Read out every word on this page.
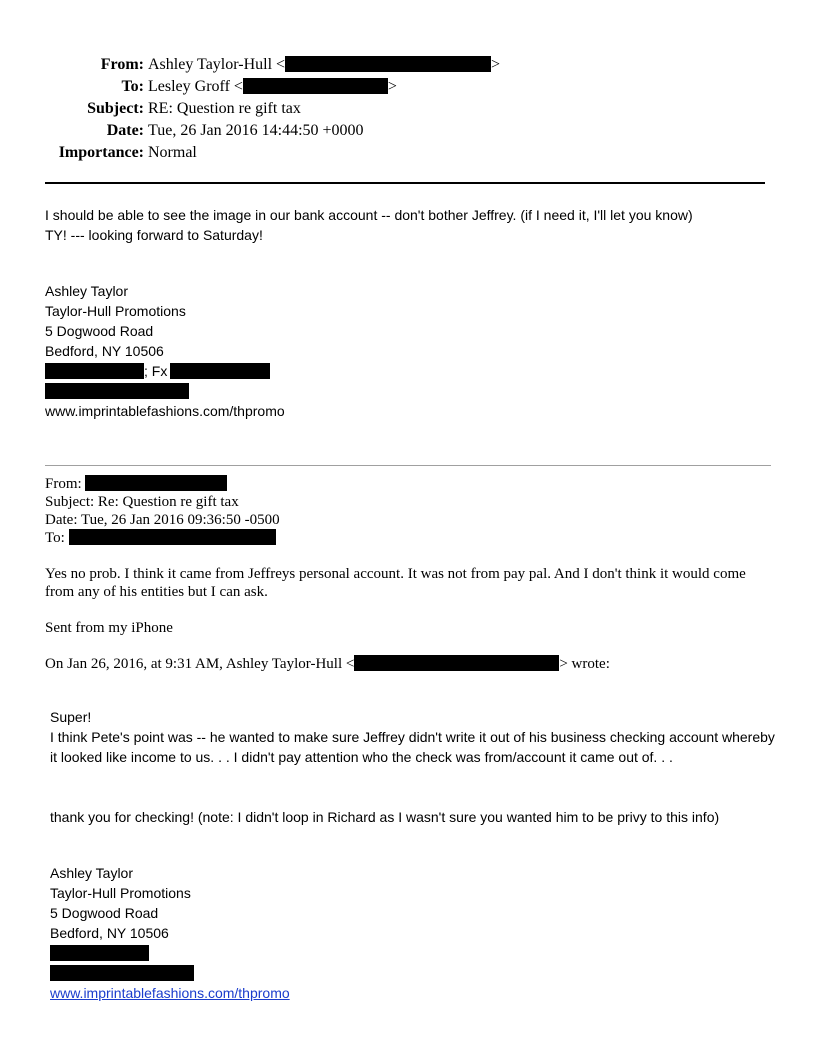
From: Ashley Taylor-Hull <	>
To: Lesley Groff <	>
Subject: RE: Question re gift tax
Date: Tue, 26 Jan 2016 14:44:50 +0000
Importance: Normal
I should be able to see the image in our bank account -- don't bother Jeffrey. (if I need it, I'll let you know)
TY! --- looking forward to Saturday!
Ashley Taylor
Taylor-Hull Promotions
5 Dogwood Road
Bedford, NY 10506
; Fx
www.imprintablefashions.com/thpromo
From:
Subject: Re: Question re gift tax
Date: Tue, 26 Jan 2016 09:36:50 -0500
To:
Yes no prob. I think it came from Jeffreys personal account. It was not from pay pal. And I don't think it would come from any of his entities but I can ask.
Sent from my iPhone
On Jan 26, 2016, at 9:31 AM, Ashley Taylor-Hull <	> wrote:

Super!

I think Pete's point was -- he wanted to make sure Jeffrey didn't write it out of his business checking account whereby it looked like income to us. . . I didn't pay attention who the check was from/account it came out of. . .

thank you for checking! (note: I didn't loop in Richard as I wasn't sure you wanted him to be privy to this info)
Ashley Taylor
Taylor-Hull Promotions
5 Dogwood Road
Bedford, NY 10506
www.imprintablefashions.com/thpromo
